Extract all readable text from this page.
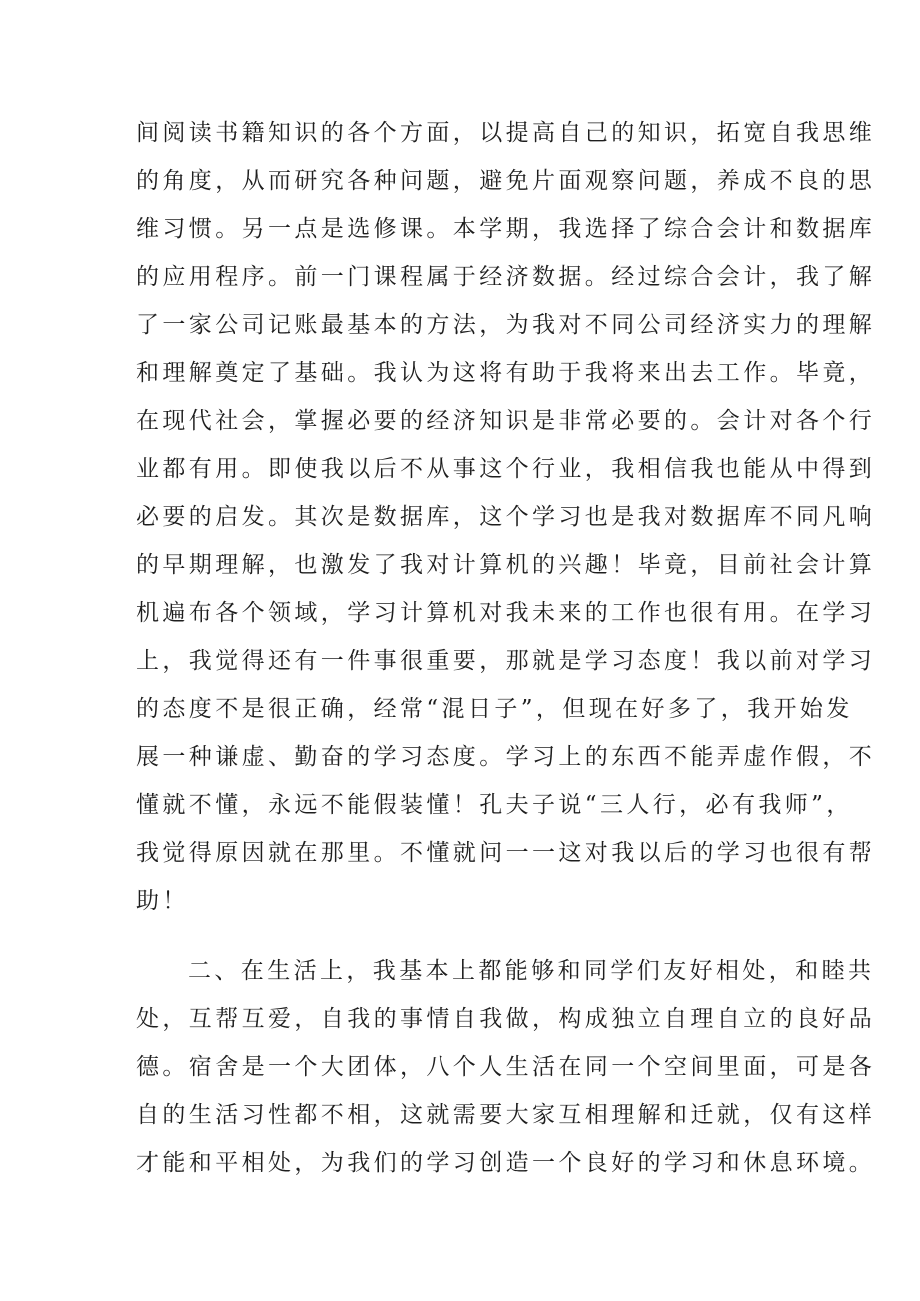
间阅读书籍知识的各个方面，以提高自己的知识，拓宽自我思维
的角度，从而研究各种问题，避免片面观察问题，养成不良的思
维习惯。另一点是选修课。本学期，我选择了综合会计和数据库
的应用程序。前一门课程属于经济数据。经过综合会计，我了解
了一家公司记账最基本的方法，为我对不同公司经济实力的理解
和理解奠定了基础。我认为这将有助于我将来出去工作。毕竟，
在现代社会，掌握必要的经济知识是非常必要的。会计对各个行
业都有用。即使我以后不从事这个行业，我相信我也能从中得到
必要的启发。其次是数据库，这个学习也是我对数据库不同凡响
的早期理解，也激发了我对计算机的兴趣！毕竟，目前社会计算
机遍布各个领域，学习计算机对我未来的工作也很有用。在学习
上，我觉得还有一件事很重要，那就是学习态度！我以前对学习
的态度不是很正确，经常“混日子”，但现在好多了，我开始发
展一种谦虚、勤奋的学习态度。学习上的东西不能弄虚作假，不
懂就不懂，永远不能假装懂！孔夫子说“三人行，必有我师”，
我觉得原因就在那里。不懂就问一一这对我以后的学习也很有帮
助！
二、在生活上，我基本上都能够和同学们友好相处，和睦共
处，互帮互爱，自我的事情自我做，构成独立自理自立的良好品
德。宿舍是一个大团体，八个人生活在同一个空间里面，可是各
自的生活习性都不相，这就需要大家互相理解和迁就，仅有这样
才能和平相处，为我们的学习创造一个良好的学习和休息环境。
